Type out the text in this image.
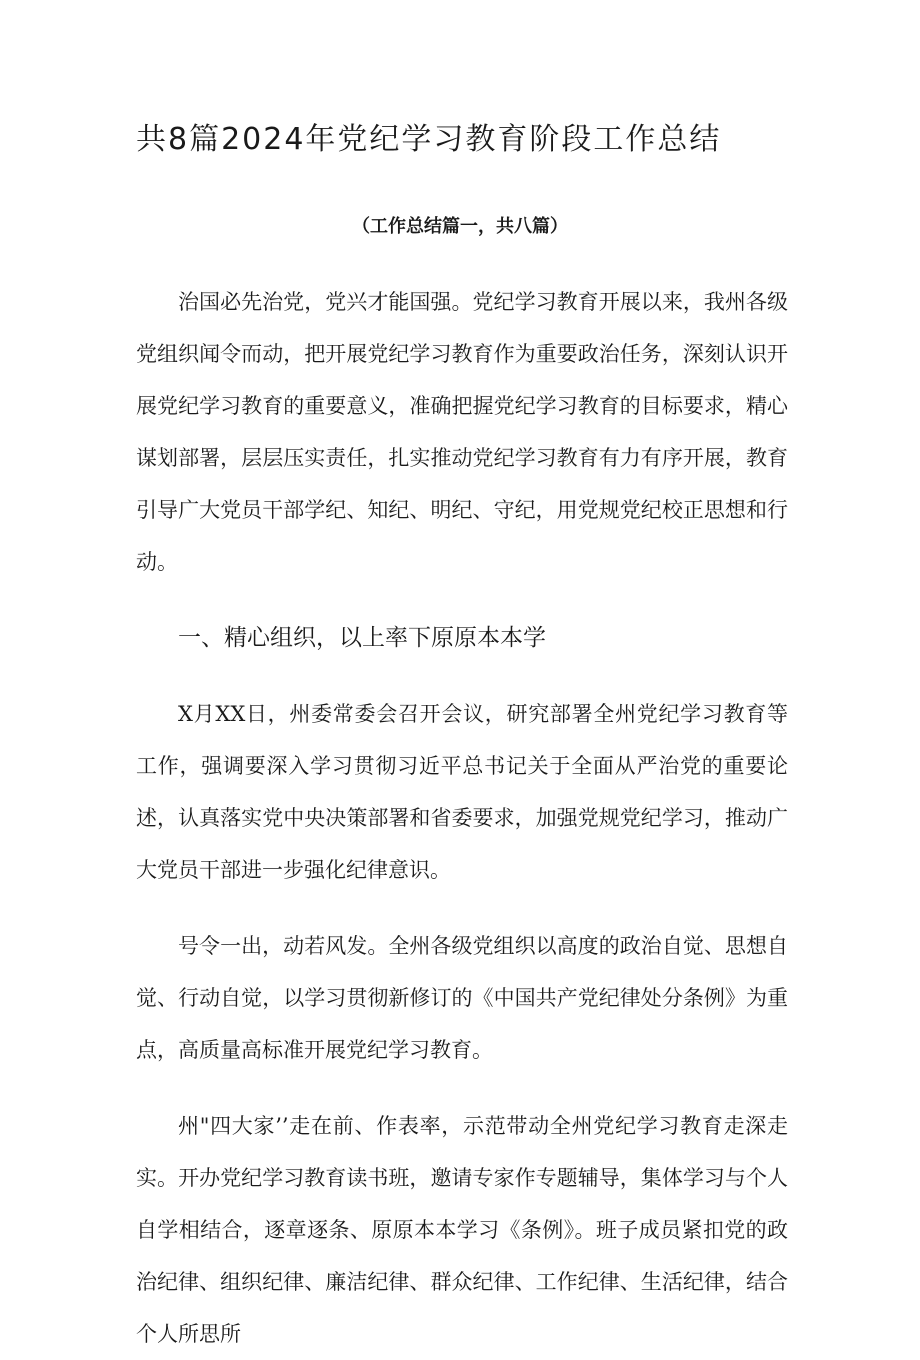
共8篇2024年党纪学习教育阶段工作总结
（工作总结篇一，共八篇）

治国必先治党，党兴才能国强。党纪学习教育开展以来，我州各级党组织闻令而动，把开展党纪学习教育作为重要政治任务，深刻认识开展党纪学习教育的重要意义，准确把握党纪学习教育的目标要求，精心谋划部署，层层压实责任，扎实推动党纪学习教育有力有序开展，教育引导广大党员干部学纪、知纪、明纪、守纪，用党规党纪校正思想和行动。

一、精心组织，以上率下原原本本学

X月XX日，州委常委会召开会议，研究部署全州党纪学习教育等工作，强调要深入学习贯彻习近平总书记关于全面从严治党的重要论述，认真落实党中央决策部署和省委要求，加强党规党纪学习，推动广大党员干部进一步强化纪律意识。

号令一出，动若风发。全州各级党组织以高度的政治自觉、思想自觉、行动自觉，以学习贯彻新修订的《中国共产党纪律处分条例》为重点，高质量高标准开展党纪学习教育。

州"四大家’’走在前、作表率，示范带动全州党纪学习教育走深走实。开办党纪学习教育读书班，邀请专家作专题辅导，集体学习与个人自学相结合，逐章逐条、原原本本学习《条例》。班子成员紧扣党的政治纪律、组织纪律、廉洁纪律、群众纪律、工作纪律、生活纪律，结合个人所思所
